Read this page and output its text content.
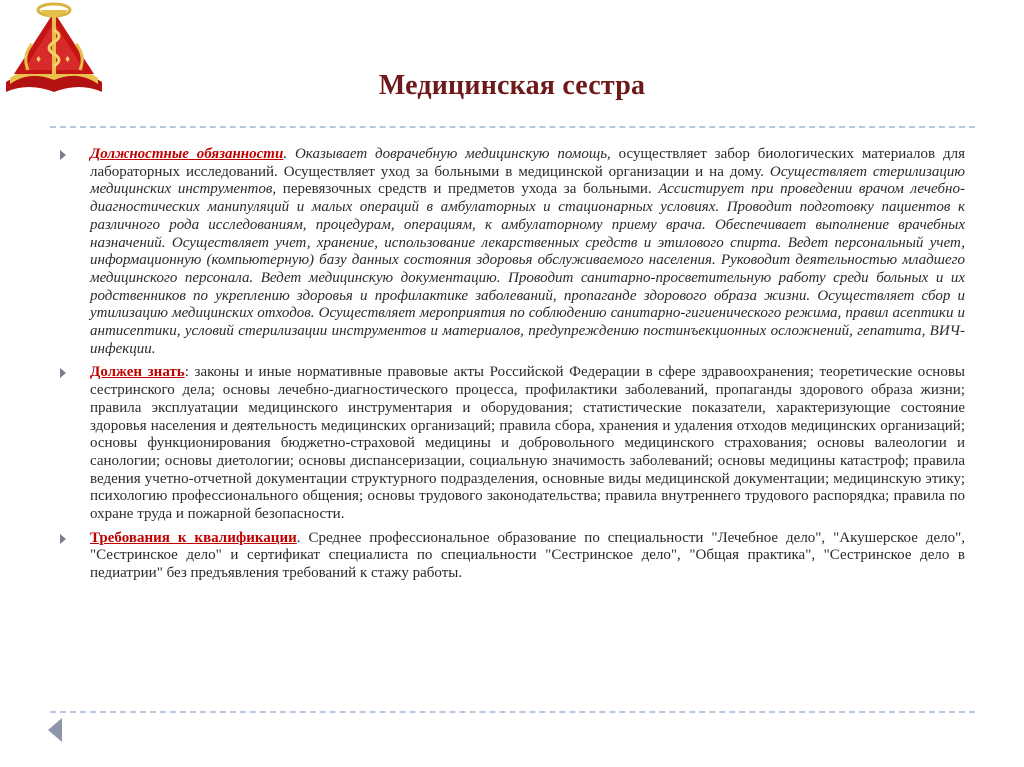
♦ ♦
Медицинская сестра
Должностные обязанности. Оказывает доврачебную медицинскую помощь, осуществляет забор биологических материалов для лабораторных исследований. Осуществляет уход за больными в медицинской организации и на дому. Осуществляет стерилизацию медицинских инструментов, перевязочных средств и предметов ухода за больными. Ассистирует при проведении врачом лечебно-диагностических манипуляций и малых операций в амбулаторных и стационарных условиях. Проводит подготовку пациентов к различного рода исследованиям, процедурам, операциям, к амбулаторному приему врача. Обеспечивает выполнение врачебных назначений. Осуществляет учет, хранение, использование лекарственных средств и этилового спирта. Ведет персональный учет, информационную (компьютерную) базу данных состояния здоровья обслуживаемого населения. Руководит деятельностью младшего медицинского персонала. Ведет медицинскую документацию. Проводит санитарно-просветительную работу среди больных и их родственников по укреплению здоровья и профилактике заболеваний, пропаганде здорового образа жизни. Осуществляет сбор и утилизацию медицинских отходов. Осуществляет мероприятия по соблюдению санитарно-гигиенического режима, правил асептики и антисептики, условий стерилизации инструментов и материалов, предупреждению постинъекционных осложнений, гепатита, ВИЧ-инфекции.
Должен знать: законы и иные нормативные правовые акты Российской Федерации в сфере здравоохранения; теоретические основы сестринского дела; основы лечебно-диагностического процесса, профилактики заболеваний, пропаганды здорового образа жизни; правила эксплуатации медицинского инструментария и оборудования; статистические показатели, характеризующие состояние здоровья населения и деятельность медицинских организаций; правила сбора, хранения и удаления отходов медицинских организаций; основы функционирования бюджетно-страховой медицины и добровольного медицинского страхования; основы валеологии и санологии; основы диетологии; основы диспансеризации, социальную значимость заболеваний; основы медицины катастроф; правила ведения учетно-отчетной документации структурного подразделения, основные виды медицинской документации; медицинскую этику; психологию профессионального общения; основы трудового законодательства; правила внутреннего трудового распорядка; правила по охране труда и пожарной безопасности.
Требования к квалификации. Среднее профессиональное образование по специальности "Лечебное дело", "Акушерское дело", "Сестринское дело" и сертификат специалиста по специальности "Сестринское дело", "Общая практика", "Сестринское дело в педиатрии" без предъявления требований к стажу работы.
